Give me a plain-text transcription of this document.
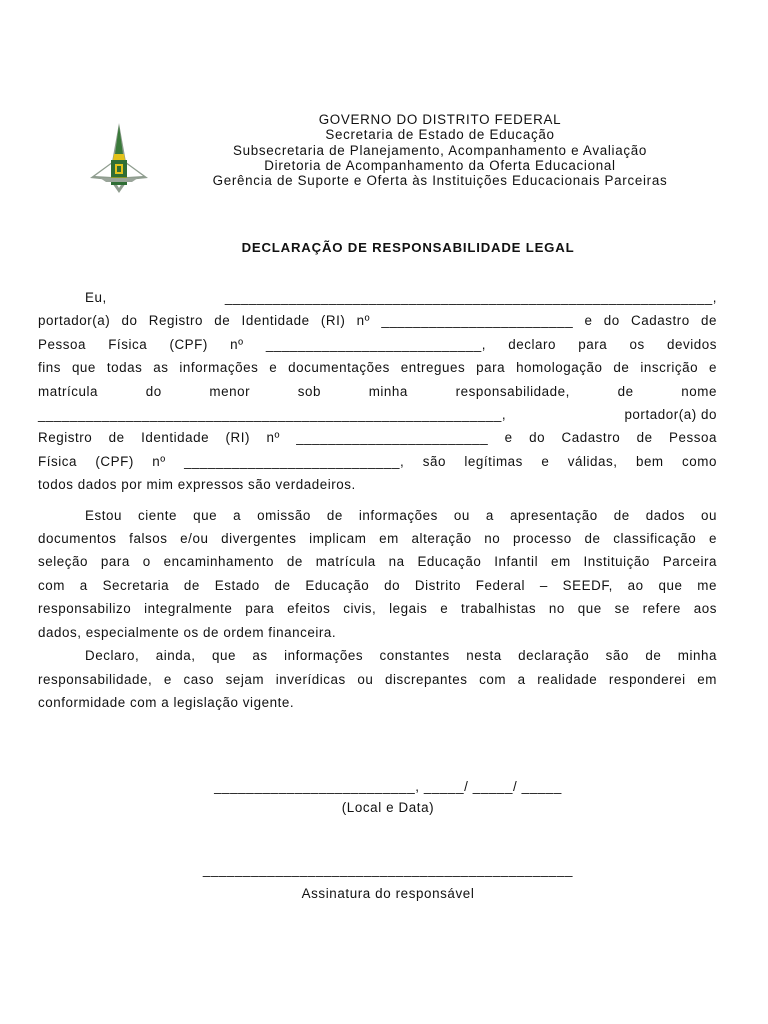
GOVERNO DO DISTRITO FEDERAL
Secretaria de Estado de Educação
Subsecretaria de Planejamento, Acompanhamento e Avaliação
Diretoria de Acompanhamento da Oferta Educacional
Gerência de Suporte e Oferta às Instituições Educacionais Parceiras
DECLARAÇÃO DE RESPONSABILIDADE LEGAL
Eu,	_____________________________________________________________,
portador(a) do Registro de Identidade (RI) nº ________________________ e do Cadastro de
Pessoa Física (CPF) nº ___________________________, declaro para os devidos
fins que todas as informações e documentações entregues para homologação de inscrição e
matrícula do menor sob minha responsabilidade, de nome
__________________________________________________________,	portador(a) do
Registro de Identidade (RI) nº ________________________ e do Cadastro de Pessoa
Física (CPF) nº ___________________________, são legítimas e válidas, bem como
todos dados por mim expressos são verdadeiros.
Estou ciente que a omissão de informações ou a apresentação de dados ou
documentos falsos e/ou divergentes implicam em alteração no processo de classificação e
seleção para o encaminhamento de matrícula na Educação Infantil em Instituição Parceira
com a Secretaria de Estado de Educação do Distrito Federal – SEEDF, ao que me
responsabilizo integralmente para efeitos civis, legais e trabalhistas no que se refere aos
dados, especialmente os de ordem financeira.
Declaro, ainda, que as informações constantes nesta declaração são de minha
responsabilidade, e caso sejam inverídicas ou discrepantes com a realidade responderei em
conformidade com a legislação vigente.
_________________________, _____/ _____/ _____
(Local e Data)
______________________________________________
Assinatura do responsável
